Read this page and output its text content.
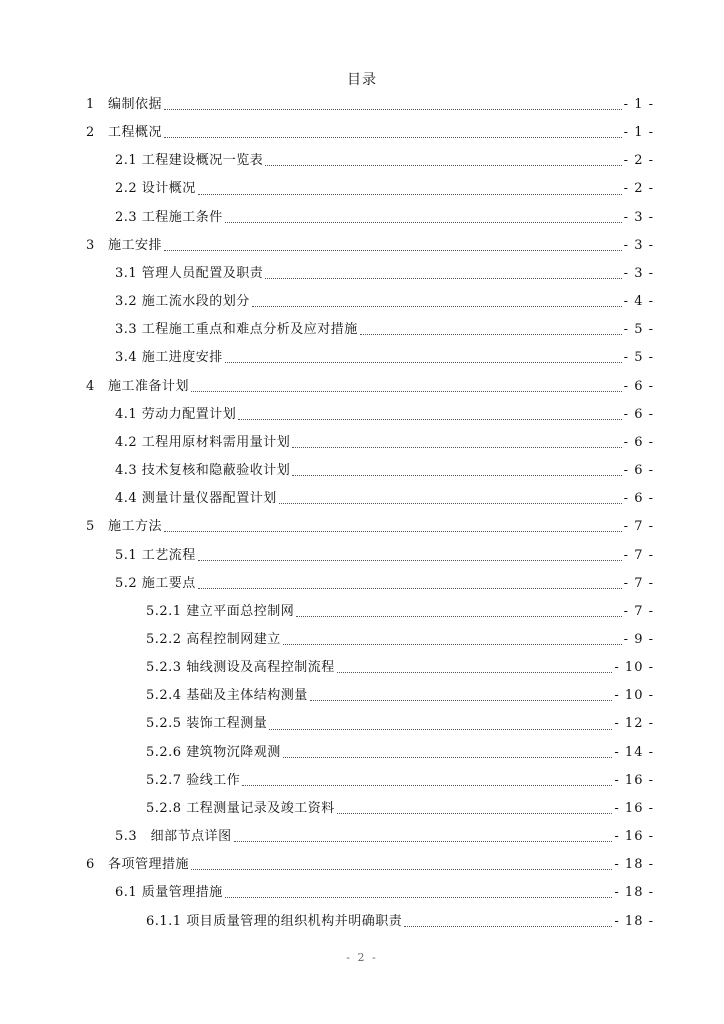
目录
1 编制依据	- 1 -
2 工程概况	- 1 -
2.1 工程建设概况一览表	- 2 -
2.2 设计概况	- 2 -
2.3 工程施工条件	- 3 -
3 施工安排	- 3 -
3.1 管理人员配置及职责	- 3 -
3.2 施工流水段的划分	- 4 -
3.3 工程施工重点和难点分析及应对措施	- 5 -
3.4 施工进度安排	- 5 -
4 施工准备计划	- 6 -
4.1 劳动力配置计划	- 6 -
4.2 工程用原材料需用量计划	- 6 -
4.3 技术复核和隐蔽验收计划	- 6 -
4.4 测量计量仪器配置计划	- 6 -
5 施工方法	- 7 -
5.1 工艺流程	- 7 -
5.2 施工要点	- 7 -
5.2.1 建立平面总控制网	- 7 -
5.2.2 高程控制网建立	- 9 -
5.2.3 轴线测设及高程控制流程	- 10 -
5.2.4 基础及主体结构测量	- 10 -
5.2.5 装饰工程测量	- 12 -
5.2.6 建筑物沉降观测	- 14 -
5.2.7 验线工作	- 16 -
5.2.8 工程测量记录及竣工资料	- 16 -
5.3　细部节点详图	- 16 -
6 各项管理措施	- 18 -
6.1 质量管理措施	- 18 -
6.1.1 项目质量管理的组织机构并明确职责	- 18 -
- 2 -
